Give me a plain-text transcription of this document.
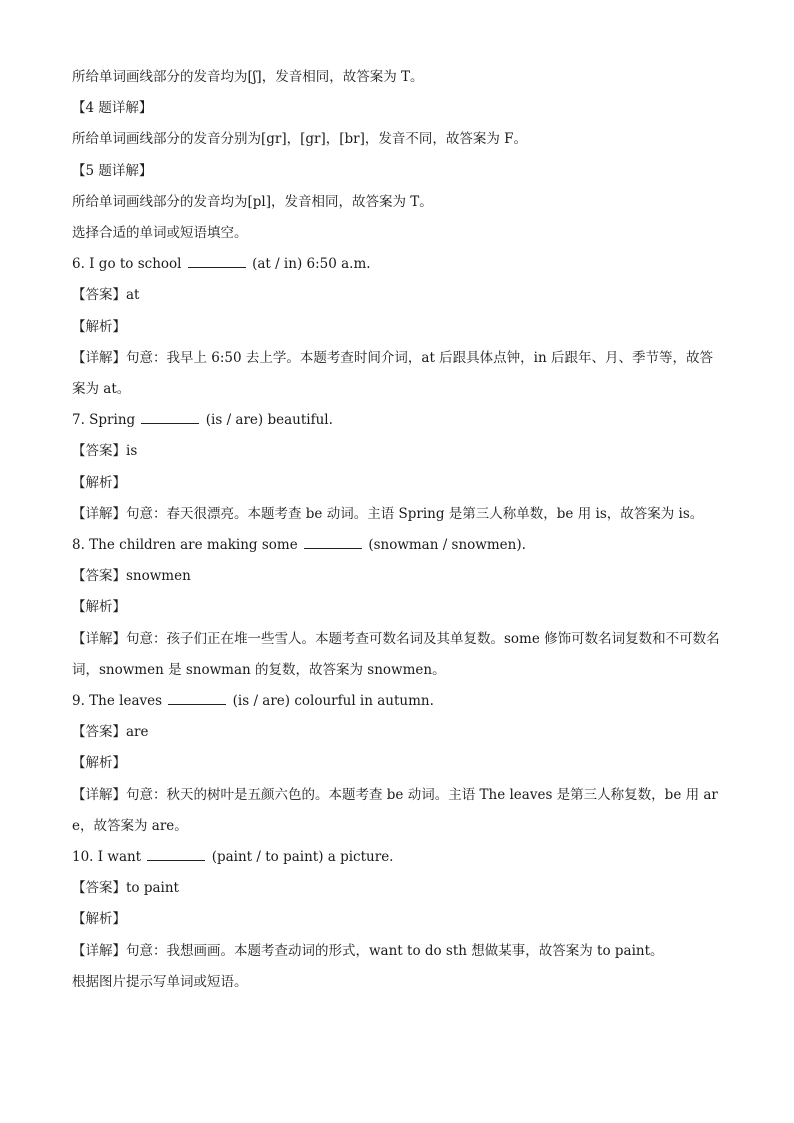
所给单词画线部分的发音均为[ʃ]，发音相同，故答案为 T。
【4 题详解】
所给单词画线部分的发音分别为[gr]，[gr]，[br]，发音不同，故答案为 F。
【5 题详解】
所给单词画线部分的发音均为[pl]，发音相同，故答案为 T。
选择合适的单词或短语填空。
6. I go to school	(at / in) 6:50 a.m.
【答案】at
【解析】
【详解】句意：我早上 6:50 去上学。本题考查时间介词，at 后跟具体点钟，in 后跟年、月、季节等，故答案为 at。
7. Spring	(is / are) beautiful.
【答案】is
【解析】
【详解】句意：春天很漂亮。本题考查 be 动词。主语 Spring 是第三人称单数，be 用 is，故答案为 is。
8. The children are making some	(snowman / snowmen).
【答案】snowmen
【解析】
【详解】句意：孩子们正在堆一些雪人。本题考查可数名词及其单复数。some 修饰可数名词复数和不可数名词，snowmen 是 snowman 的复数，故答案为 snowmen。
9. The leaves	(is / are) colourful in autumn.
【答案】are
【解析】
【详解】句意：秋天的树叶是五颜六色的。本题考查 be 动词。主语 The leaves 是第三人称复数，be 用 are，故答案为 are。
10. I want	(paint / to paint) a picture.
【答案】to paint
【解析】
【详解】句意：我想画画。本题考查动词的形式，want to do sth 想做某事，故答案为 to paint。
根据图片提示写单词或短语。
